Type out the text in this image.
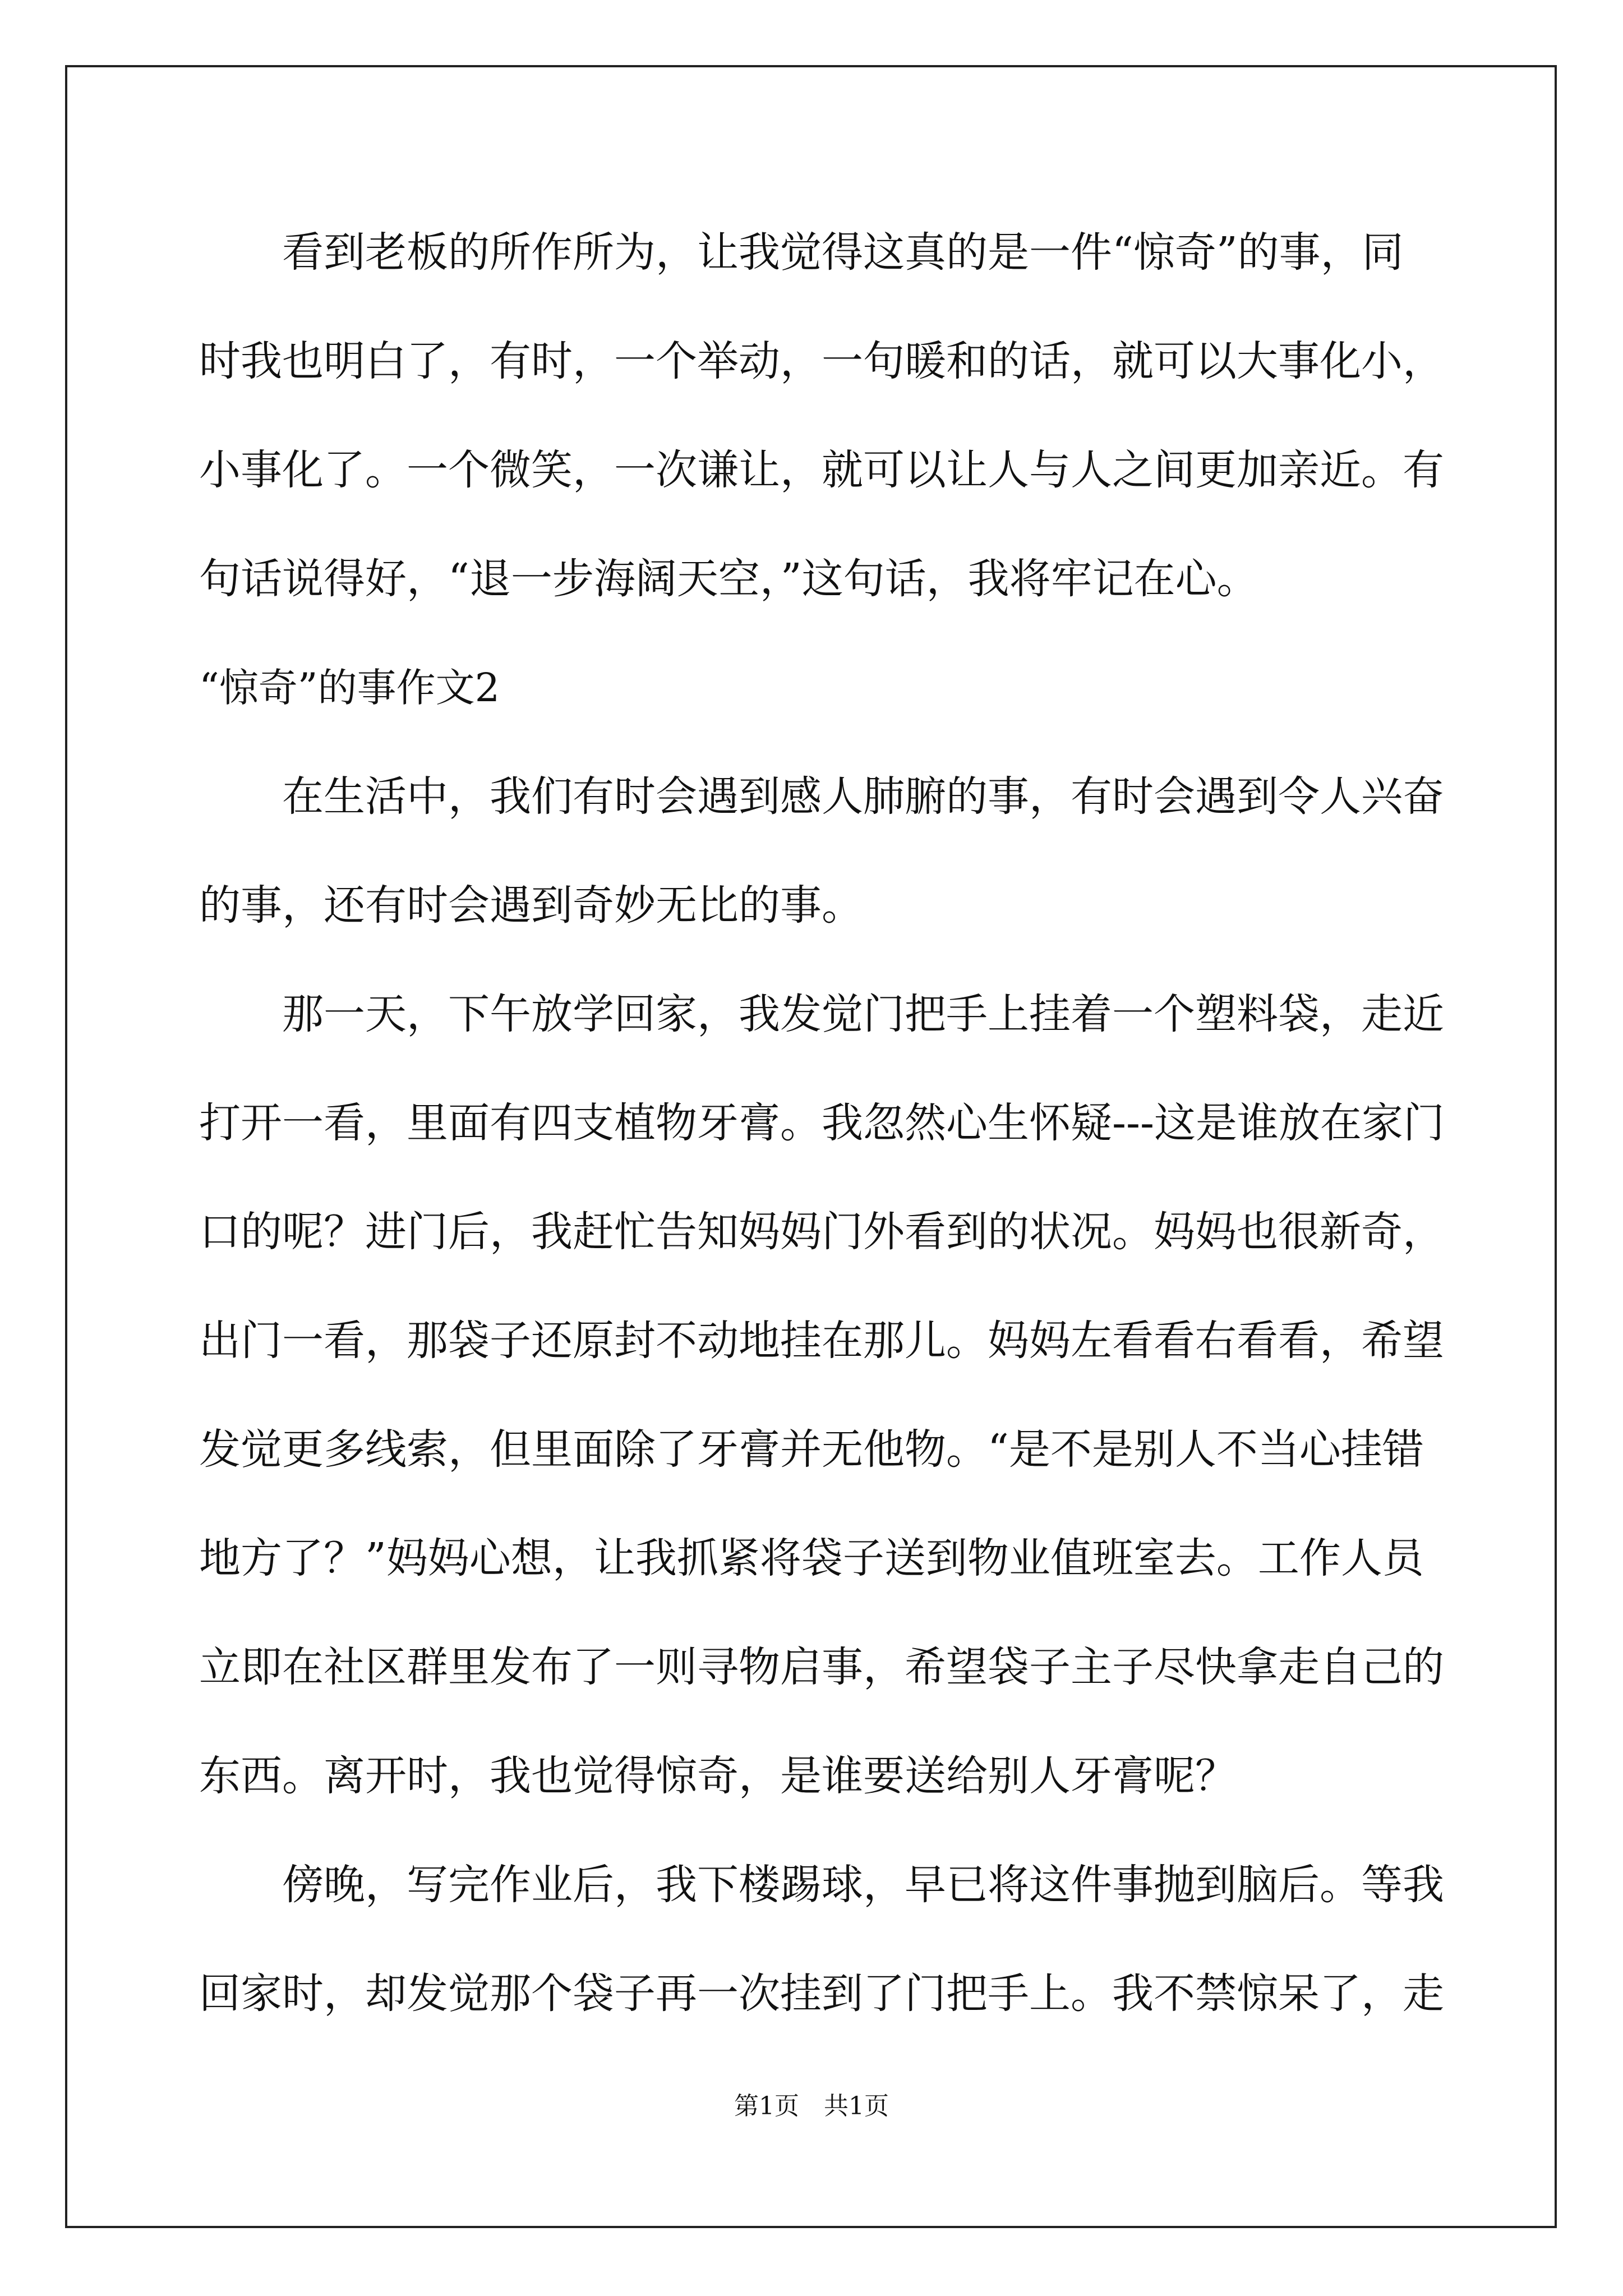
看到老板的所作所为，让我觉得这真的是一件“惊奇”的事，同
时我也明白了，有时，一个举动，一句暖和的话，就可以大事化小，
小事化了。一个微笑，一次谦让，就可以让人与人之间更加亲近。有
句话说得好，“退一步海阔天空，”这句话，我将牢记在心。
“惊奇”的事作文2
在生活中，我们有时会遇到感人肺腑的事，有时会遇到令人兴奋
的事，还有时会遇到奇妙无比的事。
那一天，下午放学回家，我发觉门把手上挂着一个塑料袋，走近
打开一看，里面有四支植物牙膏。我忽然心生怀疑---这是谁放在家门
口的呢？进门后，我赶忙告知妈妈门外看到的状况。妈妈也很新奇，
出门一看，那袋子还原封不动地挂在那儿。妈妈左看看右看看，希望
发觉更多线索，但里面除了牙膏并无他物。“是不是别人不当心挂错
地方了？”妈妈心想，让我抓紧将袋子送到物业值班室去。工作人员
立即在社区群里发布了一则寻物启事，希望袋子主子尽快拿走自己的
东西。离开时，我也觉得惊奇，是谁要送给别人牙膏呢？
傍晚，写完作业后，我下楼踢球，早已将这件事抛到脑后。等我
回家时，却发觉那个袋子再一次挂到了门把手上。我不禁惊呆了，走
第1页　共1页
